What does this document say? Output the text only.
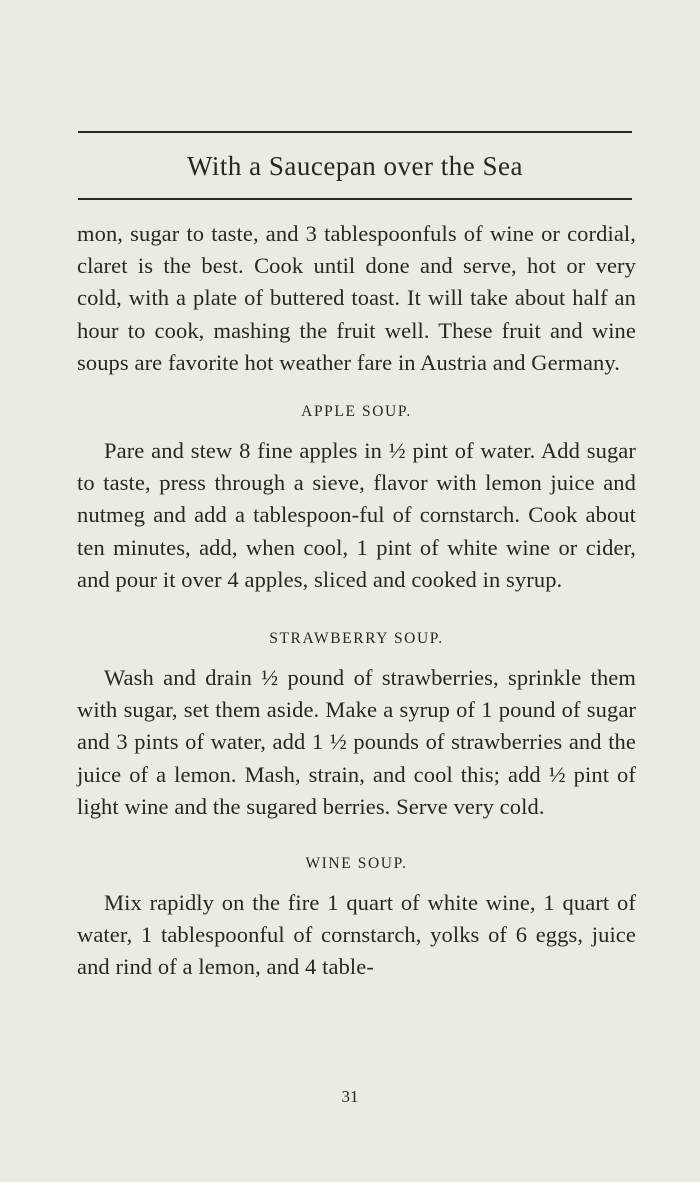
With a Saucepan over the Sea

mon, sugar to taste, and 3 tablespoonfuls of wine or cordial, claret is the best. Cook until done and serve, hot or very cold, with a plate of buttered toast. It will take about half an hour to cook, mashing the fruit well. These fruit and wine soups are favorite hot weather fare in Austria and Germany.

APPLE SOUP.

Pare and stew 8 fine apples in ½ pint of water. Add sugar to taste, press through a sieve, flavor with lemon juice and nutmeg and add a tablespoon-ful of cornstarch. Cook about ten minutes, add, when cool, 1 pint of white wine or cider, and pour it over 4 apples, sliced and cooked in syrup.

STRAWBERRY SOUP.

Wash and drain ½ pound of strawberries, sprinkle them with sugar, set them aside. Make a syrup of 1 pound of sugar and 3 pints of water, add 1 ½ pounds of strawberries and the juice of a lemon. Mash, strain, and cool this; add ½ pint of light wine and the sugared berries. Serve very cold.

WINE SOUP.

Mix rapidly on the fire 1 quart of white wine, 1 quart of water, 1 tablespoonful of cornstarch, yolks of 6 eggs, juice and rind of a lemon, and 4 table-

31
